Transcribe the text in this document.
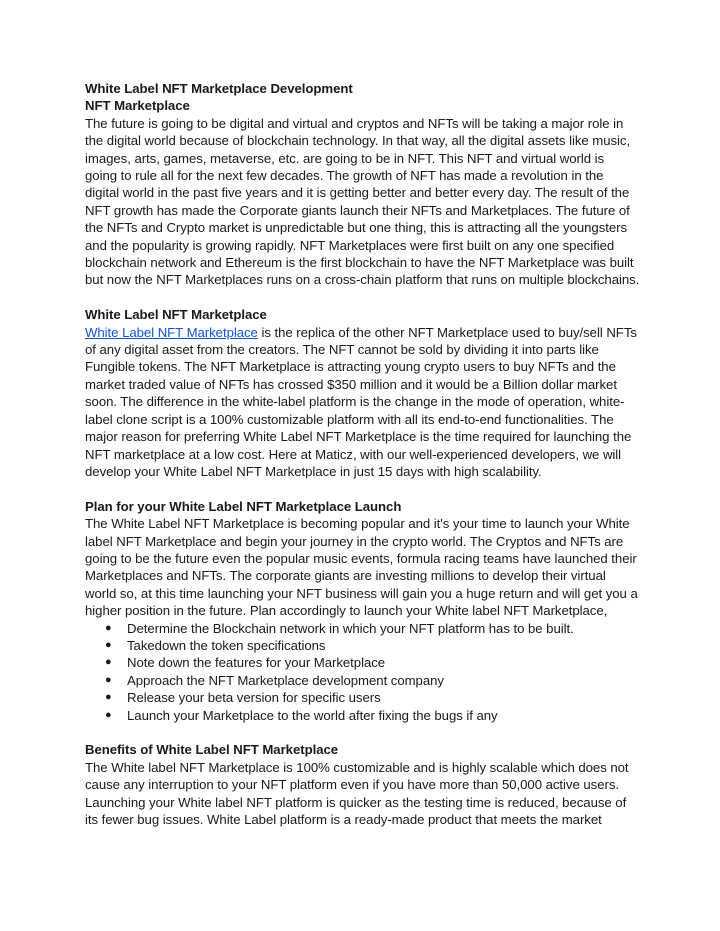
White Label NFT Marketplace Development

NFT Marketplace

The future is going to be digital and virtual and cryptos and NFTs will be taking a major role in
the digital world because of blockchain technology. In that way, all the digital assets like music,
images, arts, games, metaverse, etc. are going to be in NFT. This NFT and virtual world is
going to rule all for the next few decades. The growth of NFT has made a revolution in the
digital world in the past five years and it is getting better and better every day. The result of the
NFT growth has made the Corporate giants launch their NFTs and Marketplaces. The future of
the NFTs and Crypto market is unpredictable but one thing, this is attracting all the youngsters
and the popularity is growing rapidly. NFT Marketplaces were first built on any one specified
blockchain network and Ethereum is the first blockchain to have the NFT Marketplace was built
but now the NFT Marketplaces runs on a cross-chain platform that runs on multiple blockchains.

White Label NFT Marketplace

White Label NFT Marketplace is the replica of the other NFT Marketplace used to buy/sell NFTs
of any digital asset from the creators. The NFT cannot be sold by dividing it into parts like
Fungible tokens. The NFT Marketplace is attracting young crypto users to buy NFTs and the
market traded value of NFTs has crossed $350 million and it would be a Billion dollar market
soon. The difference in the white-label platform is the change in the mode of operation, white-
label clone script is a 100% customizable platform with all its end-to-end functionalities. The
major reason for preferring White Label NFT Marketplace is the time required for launching the
NFT marketplace at a low cost. Here at Maticz, with our well-experienced developers, we will
develop your White Label NFT Marketplace in just 15 days with high scalability.

Plan for your White Label NFT Marketplace Launch

The White Label NFT Marketplace is becoming popular and it's your time to launch your White
label NFT Marketplace and begin your journey in the crypto world. The Cryptos and NFTs are
going to be the future even the popular music events, formula racing teams have launched their
Marketplaces and NFTs. The corporate giants are investing millions to develop their virtual
world so, at this time launching your NFT business will gain you a huge return and will get you a
higher position in the future. Plan accordingly to launch your White label NFT Marketplace,
● Determine the Blockchain network in which your NFT platform has to be built.
● Takedown the token specifications
● Note down the features for your Marketplace
● Approach the NFT Marketplace development company
● Release your beta version for specific users
● Launch your Marketplace to the world after fixing the bugs if any

Benefits of White Label NFT Marketplace

The White label NFT Marketplace is 100% customizable and is highly scalable which does not
cause any interruption to your NFT platform even if you have more than 50,000 active users.
Launching your White label NFT platform is quicker as the testing time is reduced, because of
its fewer bug issues. White Label platform is a ready-made product that meets the market
